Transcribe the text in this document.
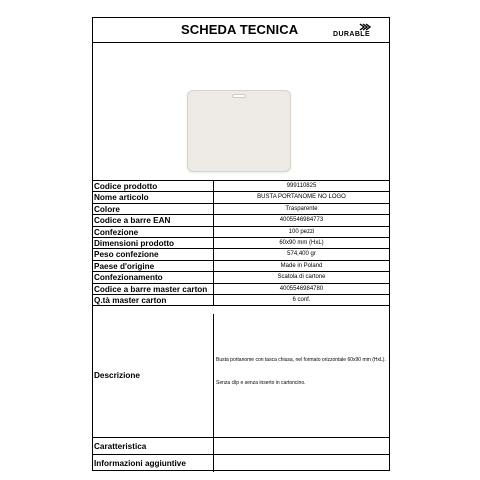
SCHEDA TECNICA	DURABLE
Codice prodotto	999110825
Nome articolo	BUSTA PORTANOME NO LOGO
Colore	Trasparente
Codice a barre EAN	4005546984773
Confezione	100 pezzi
Dimensioni prodotto	60x90 mm (HxL)
Peso confezione	574,400 gr
Paese d'origine	Made in Poland
Confezionamento	Scatola di cartone
Codice a barre master carton	4005546984780
Q.tà master carton	6 conf.
Descrizione
Busta portanome con tasca chiusa, nel formato orizzontale 60x90 mm (HxL).
Senza clip e senza inserto in cartoncino.
Caratteristica
Informazioni aggiuntive
